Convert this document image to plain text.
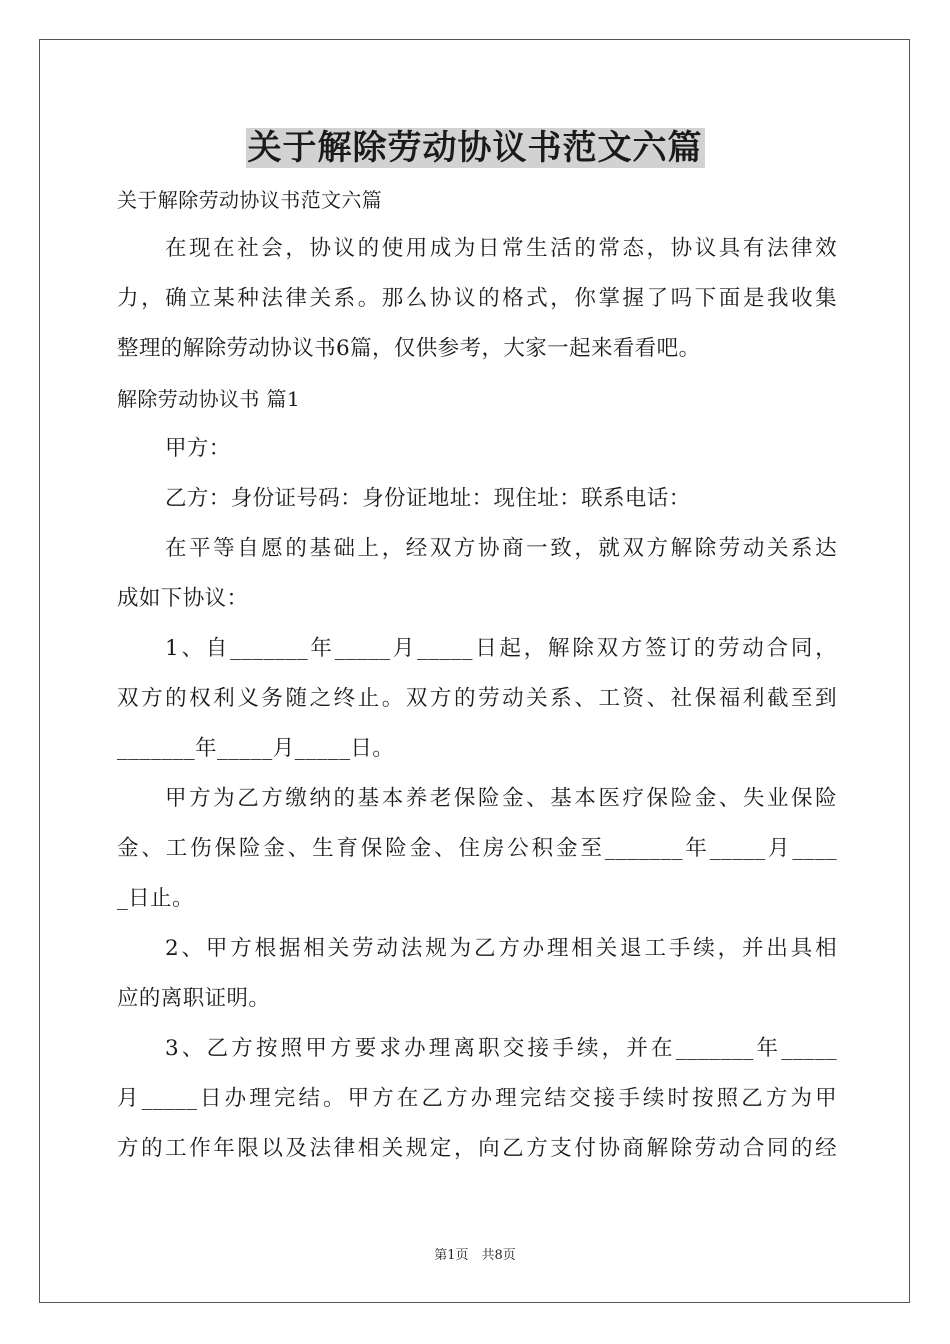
关于解除劳动协议书范文六篇
关于解除劳动协议书范文六篇
在现在社会，协议的使用成为日常生活的常态，协议具有法律效
力，确立某种法律关系。那么协议的格式，你掌握了吗下面是我收集
整理的解除劳动协议书6篇，仅供参考，大家一起来看看吧。
解除劳动协议书 篇1
甲方：
乙方：身份证号码：身份证地址：现住址：联系电话：
在平等自愿的基础上，经双方协商一致，就双方解除劳动关系达
成如下协议：
1、自_______年_____月_____日起，解除双方签订的劳动合同，
双方的权利义务随之终止。双方的劳动关系、工资、社保福利截至到
_______年_____月_____日。
甲方为乙方缴纳的基本养老保险金、基本医疗保险金、失业保险
金、工伤保险金、生育保险金、住房公积金至_______年_____月____
_日止。
2、甲方根据相关劳动法规为乙方办理相关退工手续，并出具相
应的离职证明。
3、乙方按照甲方要求办理离职交接手续，并在_______年_____
月_____日办理完结。甲方在乙方办理完结交接手续时按照乙方为甲
方的工作年限以及法律相关规定，向乙方支付协商解除劳动合同的经
第1页　共8页
